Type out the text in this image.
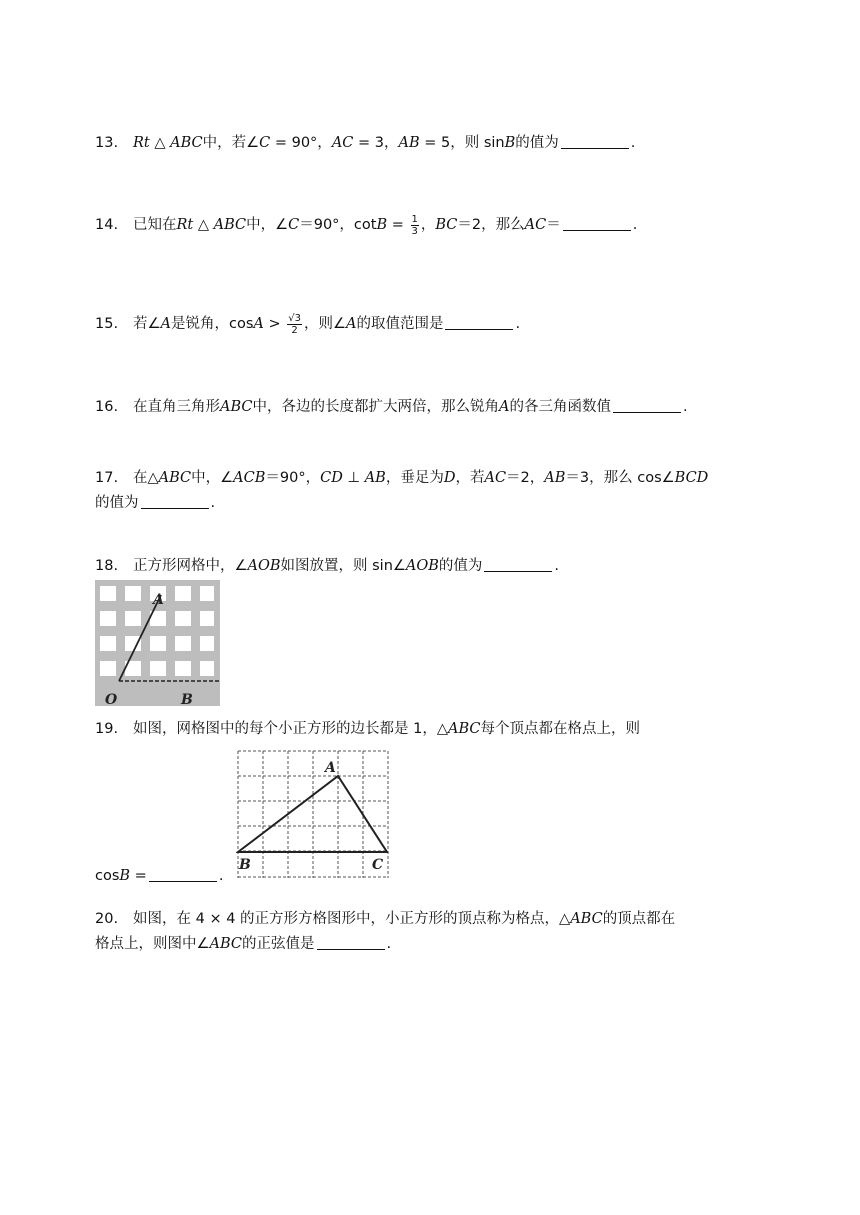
13. Rt △ ABC中，若∠C = 90°，AC = 3，AB = 5，则 sinB的值为	.
14. 已知在Rt △ ABC中，∠C＝90°，$\cot B = \frac{1}{3}$ ，BC＝2，那么AC＝	.
15. 若∠A是锐角，$\cos A > \frac{√3}{2}$ ，则∠A的取值范围是	.
16. 在直角三角形ABC中，各边的长度都扩大两倍，那么锐角A的各三角函数值	.
17. 在△ABC中，∠ACB＝90°，CD ⊥ AB，垂足为D，若AC＝2，AB＝3，那么 cos∠BCD
的值为	.
18. 正方形网格中，∠AOB如图放置，则 sin∠AOB的值为	.
A
O	B
19. 如图，网格图中的每个小正方形的边长都是 1，△ABC每个顶点都在格点上，则
A
B	C
cosB =	.
20. 如图，在 4 × 4 的正方形方格图形中，小正方形的顶点称为格点，△ABC的顶点都在
格点上，则图中∠ABC的正弦值是	.
